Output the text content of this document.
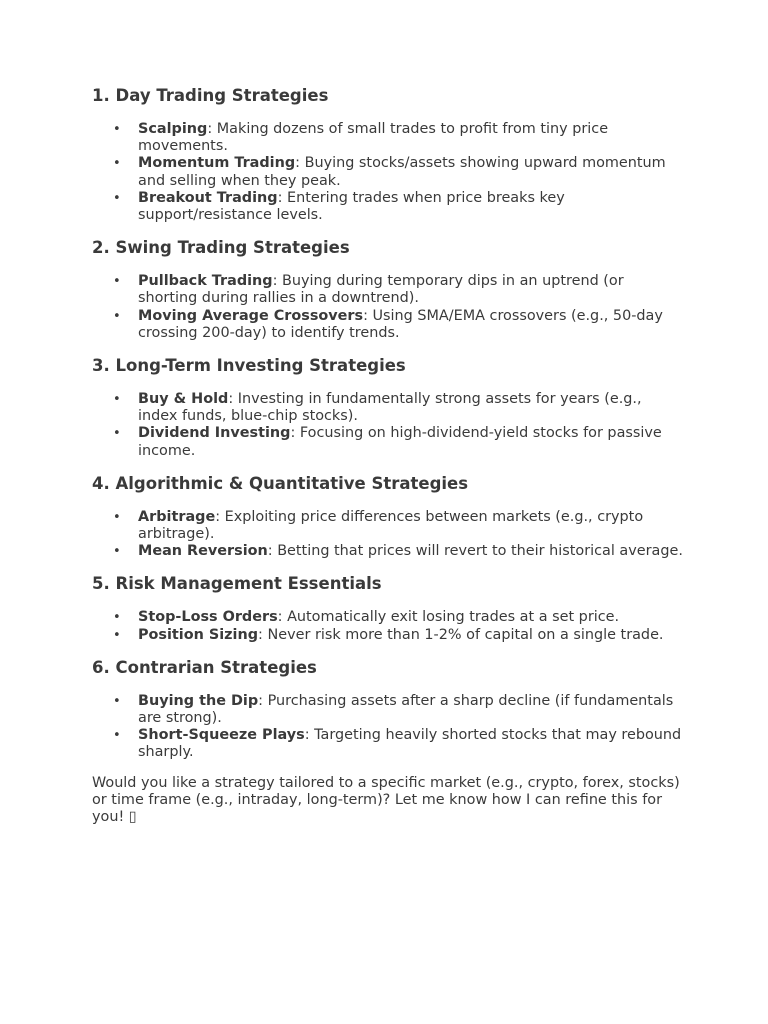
1. Day Trading Strategies
• Scalping: Making dozens of small trades to profit from tiny price movements.
• Momentum Trading: Buying stocks/assets showing upward momentum and selling when they peak.
• Breakout Trading: Entering trades when price breaks key support/resistance levels.
2. Swing Trading Strategies
• Pullback Trading: Buying during temporary dips in an uptrend (or shorting during rallies in a downtrend).
• Moving Average Crossovers: Using SMA/EMA crossovers (e.g., 50-day crossing 200-day) to identify trends.
3. Long-Term Investing Strategies
• Buy & Hold: Investing in fundamentally strong assets for years (e.g., index funds, blue-chip stocks).
• Dividend Investing: Focusing on high-dividend-yield stocks for passive income.
4. Algorithmic & Quantitative Strategies
• Arbitrage: Exploiting price differences between markets (e.g., crypto arbitrage).
• Mean Reversion: Betting that prices will revert to their historical average.
5. Risk Management Essentials
• Stop-Loss Orders: Automatically exit losing trades at a set price.
• Position Sizing: Never risk more than 1-2% of capital on a single trade.
6. Contrarian Strategies
• Buying the Dip: Purchasing assets after a sharp decline (if fundamentals are strong).
• Short-Squeeze Plays: Targeting heavily shorted stocks that may rebound sharply.

Would you like a strategy tailored to a specific market (e.g., crypto, forex, stocks) or time frame (e.g., intraday, long-term)? Let me know how I can refine this for you! ▯
